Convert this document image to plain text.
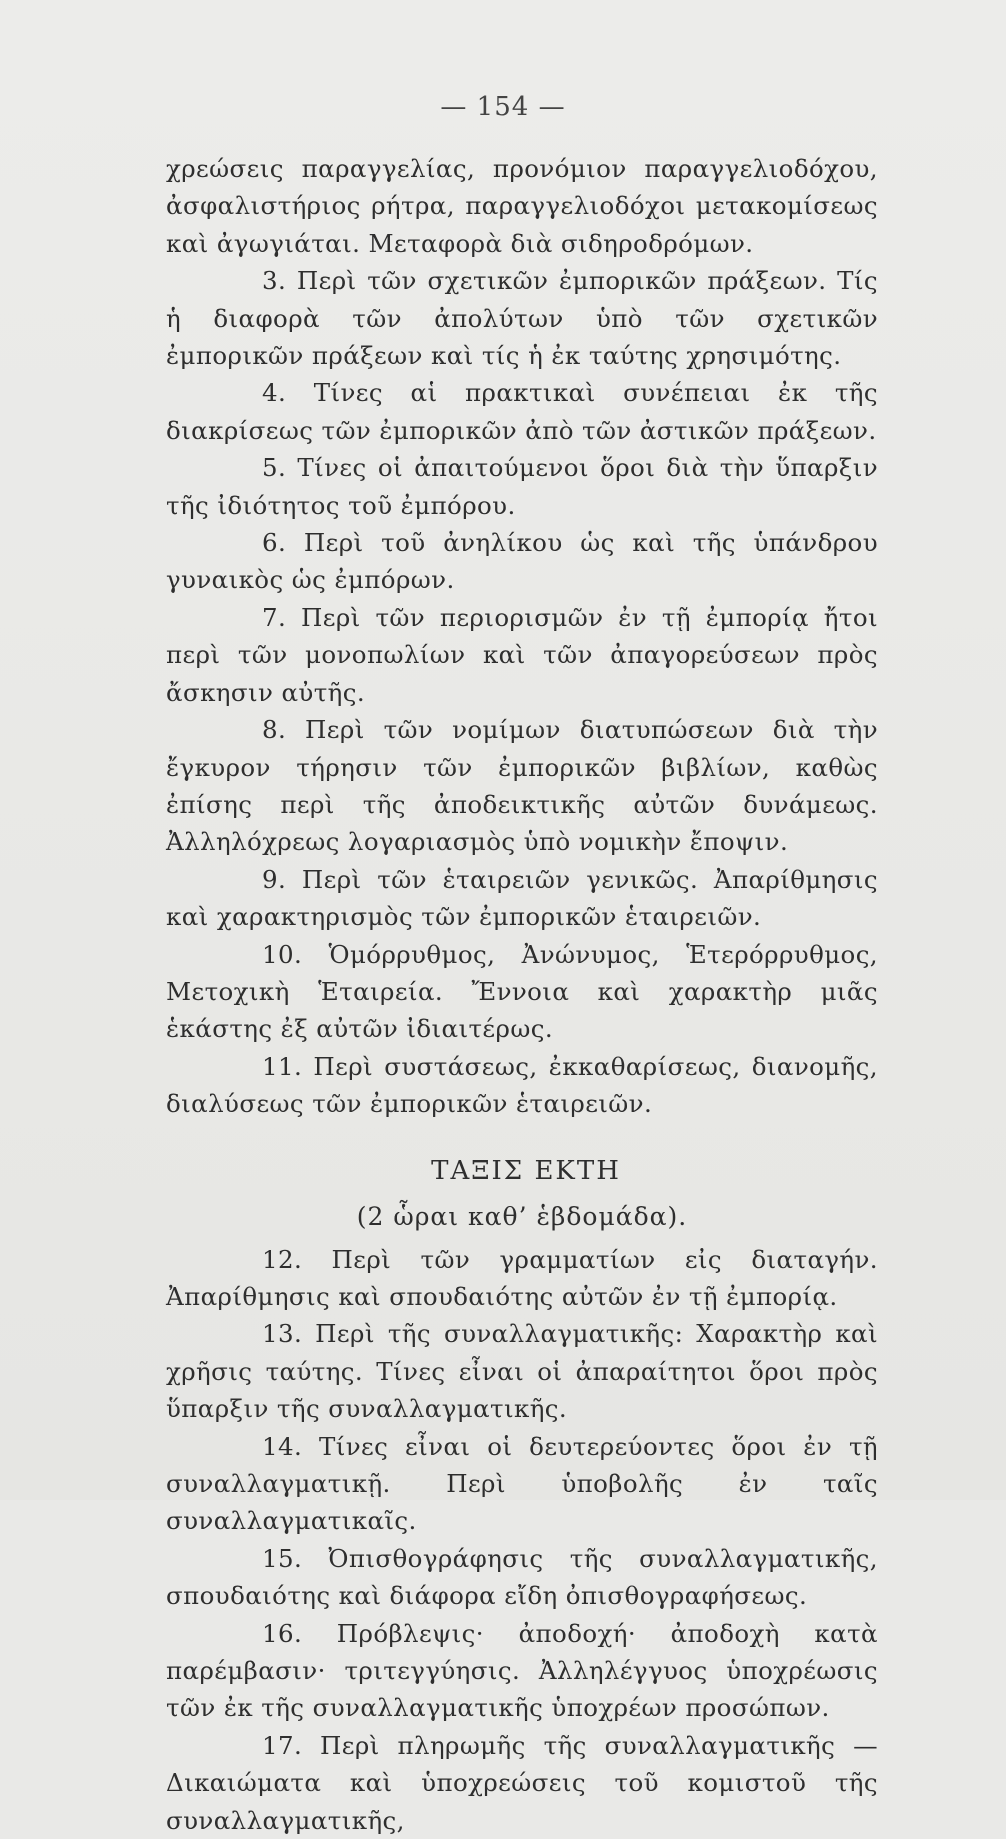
— 154 —

χρεώσεις παραγγελίας, προνόμιον παραγγελιοδόχου, ἀσφαλιστήριος ρήτρα, παραγγελιοδόχοι μετακομίσεως καὶ ἀγωγιάται. Μεταφορὰ διὰ σιδηροδρόμων.

3. Περὶ τῶν σχετικῶν ἐμπορικῶν πράξεων. Τίς ἡ διαφορὰ τῶν ἀπολύτων ὑπὸ τῶν σχετικῶν ἐμπορικῶν πράξεων καὶ τίς ἡ ἐκ ταύτης χρησιμότης.

4. Τίνες αἱ πρακτικαὶ συνέπειαι ἐκ τῆς διακρίσεως τῶν ἐμπορικῶν ἀπὸ τῶν ἀστικῶν πράξεων.

5. Τίνες οἱ ἀπαιτούμενοι ὅροι διὰ τὴν ὕπαρξιν τῆς ἰδιότητος τοῦ ἐμπόρου.

6. Περὶ τοῦ ἀνηλίκου ὡς καὶ τῆς ὑπάνδρου γυναικὸς ὡς ἐμπόρων.

7. Περὶ τῶν περιορισμῶν ἐν τῇ ἐμπορίᾳ ἤτοι περὶ τῶν μονοπωλίων καὶ τῶν ἀπαγορεύσεων πρὸς ἄσκησιν αὐτῆς.

8. Περὶ τῶν νομίμων διατυπώσεων διὰ τὴν ἔγκυρον τήρησιν τῶν ἐμπορικῶν βιβλίων, καθὼς ἐπίσης περὶ τῆς ἀποδεικτικῆς αὐτῶν δυνάμεως. Ἀλληλόχρεως λογαριασμὸς ὑπὸ νομικὴν ἔποψιν.

9. Περὶ τῶν ἑταιρειῶν γενικῶς. Ἀπαρίθμησις καὶ χαρακτηρισμὸς τῶν ἐμπορικῶν ἑταιρειῶν.

10. Ὁμόρρυθμος, Ἀνώνυμος, Ἑτερόρρυθμος, Μετοχικὴ Ἑταιρεία. Ἔννοια καὶ χαρακτὴρ μιᾶς ἑκάστης ἐξ αὐτῶν ἰδιαιτέρως.

11. Περὶ συστάσεως, ἐκκαθαρίσεως, διανομῆς, διαλύσεως τῶν ἐμπορικῶν ἑταιρειῶν.

ΤΑΞΙΣ ΕΚΤΗ
(2 ὧραι καθ’ ἑβδομάδα).

12. Περὶ τῶν γραμματίων εἰς διαταγήν. Ἀπαρίθμησις καὶ σπουδαιότης αὐτῶν ἐν τῇ ἐμπορίᾳ.

13. Περὶ τῆς συναλλαγματικῆς: Χαρακτὴρ καὶ χρῆσις ταύτης. Τίνες εἶναι οἱ ἀπαραίτητοι ὅροι πρὸς ὕπαρξιν τῆς συναλλαγματικῆς.

14. Τίνες εἶναι οἱ δευτερεύοντες ὅροι ἐν τῇ συναλλαγματικῇ. Περὶ ὑποβολῆς ἐν ταῖς συναλλαγματικαῖς.

15. Ὀπισθογράφησις τῆς συναλλαγματικῆς, σπουδαιότης καὶ διάφορα εἴδη ὀπισθογραφήσεως.

16. Πρόβλεψις· ἀποδοχή· ἀποδοχὴ κατὰ παρέμβασιν· τριτεγγύησις. Ἀλληλέγγυος ὑποχρέωσις τῶν ἐκ τῆς συναλλαγματικῆς ὑποχρέων προσώπων.

17. Περὶ πληρωμῆς τῆς συναλλαγματικῆς — Δικαιώματα καὶ ὑποχρεώσεις τοῦ κομιστοῦ τῆς συναλλαγματικῆς,
